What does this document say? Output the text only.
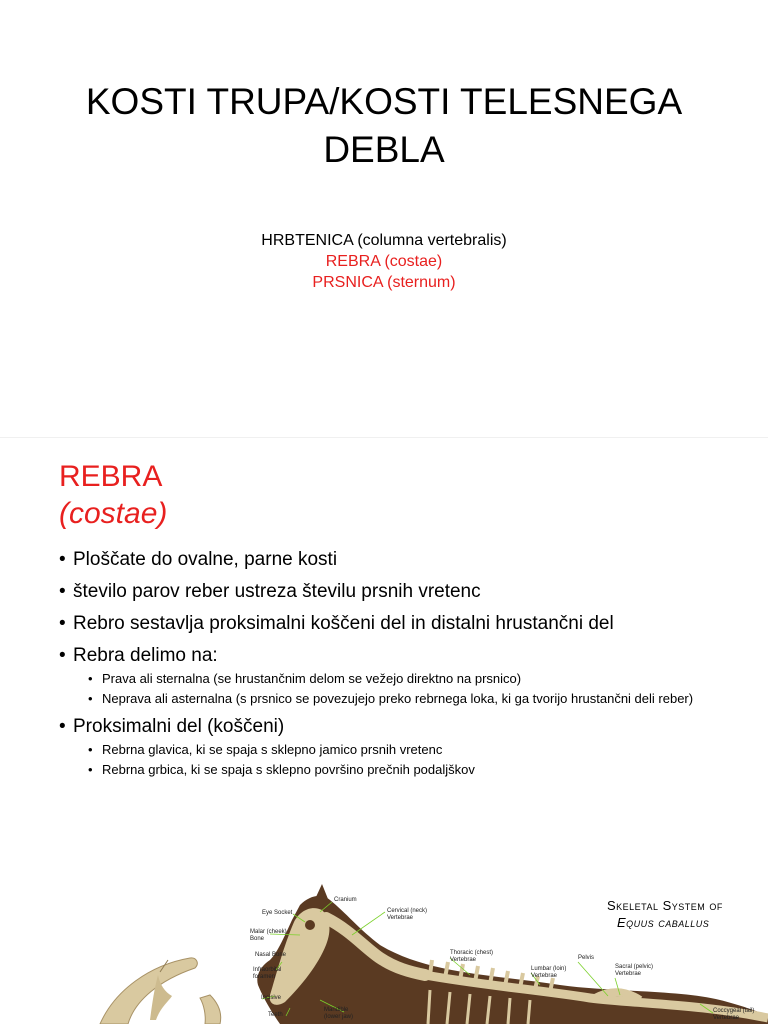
KOSTI TRUPA/KOSTI TELESNEGA
DEBLA
HRBTENICA (columna vertebralis)
REBRA (costae)
PRSNICA (sternum)
REBRA
(costae)
• Ploščate do ovalne, parne kosti
• število parov reber ustreza številu prsnih vretenc
• Rebro sestavlja proksimalni koščeni del in distalni hrustančni del
• Rebra delimo na:
• Prava ali sternalna (se hrustančnim delom se vežejo direktno na prsnico)
• Neprava ali asternalna (s prsnico se povezujejo preko rebrnega loka, ki ga tvorijo hrustančni deli reber)
• Proksimalni del (koščeni)
• Rebrna glavica, ki se spaja s sklepno jamico prsnih vretenc
• Rebrna grbica, ki se spaja s sklepno površino prečnih podaljškov
Cranium
Eye Socket
Malar (cheek)
Bone
Nasal Bone
Infraorbital
foramen
Incisive
Teeth
Mandible
(lower jaw)
Cervical (neck)
Vertebrae
Thoracic (chest)
Vertebrae
Lumbar (loin)
Vertebrae
Pelvis
Sacral (pelvic)
Vertebrae
Coccygeal (tail)
Vertebrae
Skeletal System of
Equus caballus
